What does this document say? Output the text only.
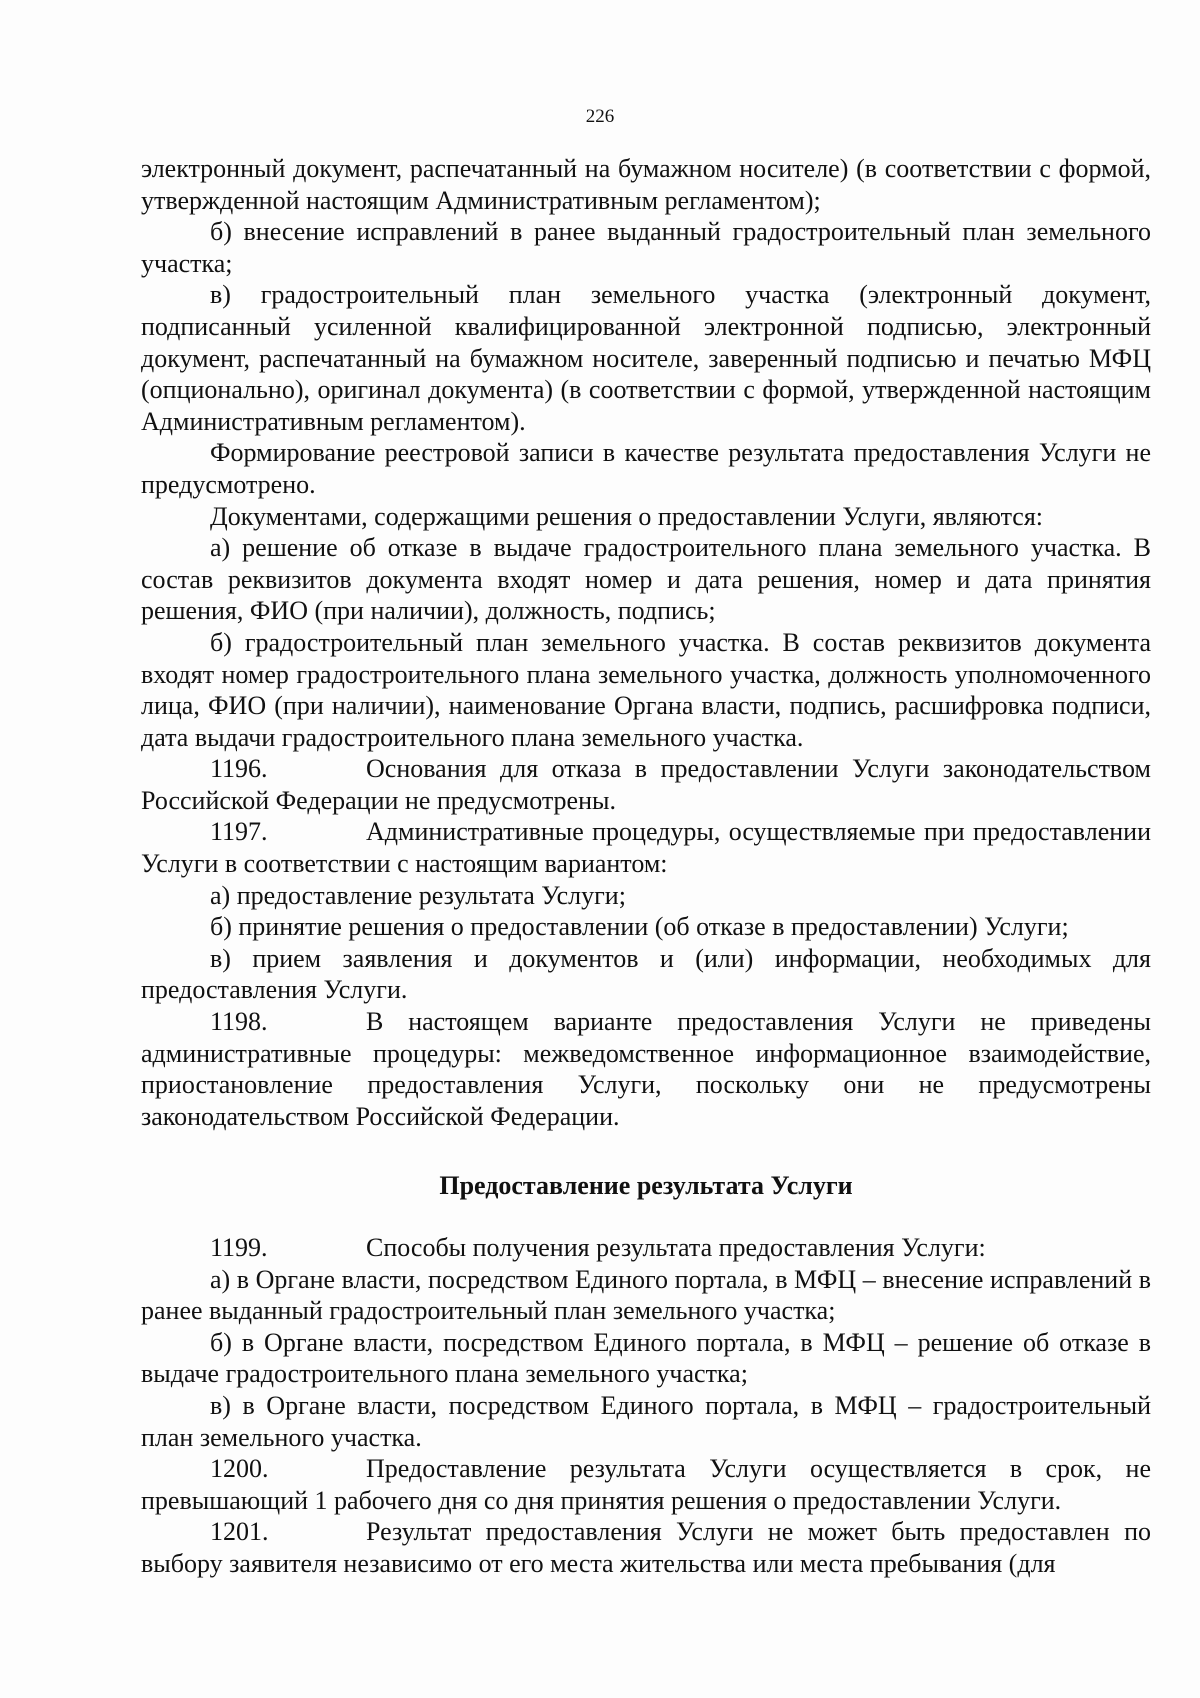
226

электронный документ, распечатанный на бумажном носителе) (в соответствии с формой, утвержденной настоящим Административным регламентом);

б) внесение исправлений в ранее выданный градостроительный план земельного участка;

в) градостроительный план земельного участка (электронный документ, подписанный усиленной квалифицированной электронной подписью, электронный документ, распечатанный на бумажном носителе, заверенный подписью и печатью МФЦ (опционально), оригинал документа) (в соответствии с формой, утвержденной настоящим Административным регламентом).

Формирование реестровой записи в качестве результата предоставления Услуги не предусмотрено.

Документами, содержащими решения о предоставлении Услуги, являются:

а) решение об отказе в выдаче градостроительного плана земельного участка. В состав реквизитов документа входят номер и дата решения, номер и дата принятия решения, ФИО (при наличии), должность, подпись;

б) градостроительный план земельного участка. В состав реквизитов документа входят номер градостроительного плана земельного участка, должность уполномоченного лица, ФИО (при наличии), наименование Органа власти, подпись, расшифровка подписи, дата выдачи градостроительного плана земельного участка.

1196.	Основания для отказа в предоставлении Услуги законодательством Российской Федерации не предусмотрены.

1197.	Административные процедуры, осуществляемые при предоставлении Услуги в соответствии с настоящим вариантом:

а) предоставление результата Услуги;

б) принятие решения о предоставлении (об отказе в предоставлении) Услуги;

в) прием заявления и документов и (или) информации, необходимых для предоставления Услуги.

1198.	В настоящем варианте предоставления Услуги не приведены административные процедуры: межведомственное информационное взаимодействие, приостановление предоставления Услуги, поскольку они не предусмотрены законодательством Российской Федерации.

Предоставление результата Услуги

1199.	Способы получения результата предоставления Услуги:

а) в Органе власти, посредством Единого портала, в МФЦ – внесение исправлений в ранее выданный градостроительный план земельного участка;

б) в Органе власти, посредством Единого портала, в МФЦ – решение об отказе в выдаче градостроительного плана земельного участка;

в) в Органе власти, посредством Единого портала, в МФЦ – градостроительный план земельного участка.

1200.	Предоставление результата Услуги осуществляется в срок, не превышающий 1 рабочего дня со дня принятия решения о предоставлении Услуги.

1201.	Результат предоставления Услуги не может быть предоставлен по выбору заявителя независимо от его места жительства или места пребывания (для
